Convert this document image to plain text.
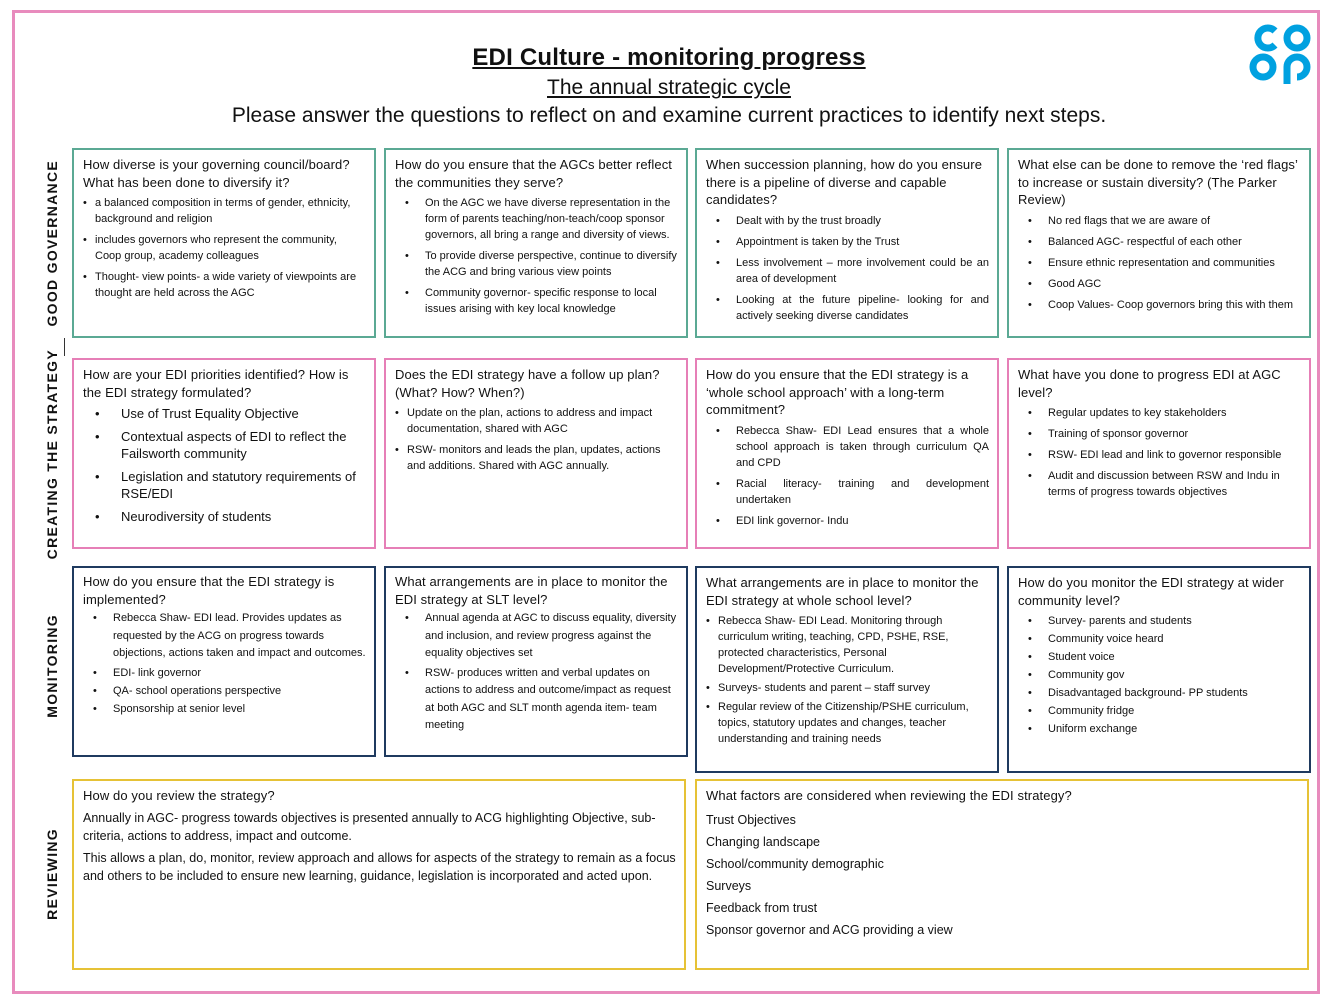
EDI Culture - monitoring progress
The annual strategic cycle
Please answer the questions to reflect on and examine current practices to identify next steps.
GOOD GOVERNANCE
CREATING THE STRATEGY
MONITORING
REVIEWING
How diverse is your governing council/board? What has been done to diversify it?
• a balanced composition in terms of gender, ethnicity, background and religion
• includes governors who represent the community, Coop group, academy colleagues
• Thought- view points- a wide variety of viewpoints are thought are held across the AGC
How do you ensure that the AGCs better reflect the communities they serve?
• On the AGC we have diverse representation in the form of parents teaching/non-teach/coop sponsor governors, all bring a range and diversity of views.
• To provide diverse perspective, continue to diversify the ACG and bring various view points
• Community governor- specific response to local issues arising with key local knowledge
When succession planning, how do you ensure there is a pipeline of diverse and capable candidates?
• Dealt with by the trust broadly
• Appointment is taken by the Trust
• Less involvement – more involvement could be an area of development
• Looking at the future pipeline- looking for and actively seeking diverse candidates
What else can be done to remove the ‘red flags’ to increase or sustain diversity? (The Parker Review)
• No red flags that we are aware of
• Balanced AGC- respectful of each other
• Ensure ethnic representation and communities
• Good AGC
• Coop Values- Coop governors bring this with them
How are your EDI priorities identified? How is the EDI strategy formulated?
• Use of Trust Equality Objective
• Contextual aspects of EDI to reflect the Failsworth community
• Legislation and statutory requirements of RSE/EDI
• Neurodiversity of students
Does the EDI strategy have a follow up plan? (What? How? When?)
• Update on the plan, actions to address and impact documentation, shared with AGC
• RSW- monitors and leads the plan, updates, actions and additions. Shared with AGC annually.
How do you ensure that the EDI strategy is a ‘whole school approach’ with a long-term commitment?
• Rebecca Shaw- EDI Lead ensures that a whole school approach is taken through curriculum QA and CPD
• Racial literacy- training and development undertaken
• EDI link governor- Indu
What have you done to progress EDI at AGC level?
• Regular updates to key stakeholders
• Training of sponsor governor
• RSW- EDI lead and link to governor responsible
• Audit and discussion between RSW and Indu in terms of progress towards objectives
How do you ensure that the EDI strategy is implemented?
• Rebecca Shaw- EDI lead. Provides updates as requested by the ACG on progress towards objections, actions taken and impact and outcomes.
• EDI- link governor
• QA- school operations perspective
• Sponsorship at senior level
What arrangements are in place to monitor the EDI strategy at SLT level?
• Annual agenda at AGC to discuss equality, diversity and inclusion, and review progress against the equality objectives set
• RSW- produces written and verbal updates on actions to address and outcome/impact as request at both AGC and SLT month agenda item- team meeting
What arrangements are in place to monitor the EDI strategy at whole school level?
• Rebecca Shaw- EDI Lead. Monitoring through curriculum writing, teaching, CPD, PSHE, RSE, protected characteristics, Personal Development/Protective Curriculum.
• Surveys- students and parent – staff survey
• Regular review of the Citizenship/PSHE curriculum, topics, statutory updates and changes, teacher understanding and training needs
How do you monitor the EDI strategy at wider community level?
• Survey- parents and students
• Community voice heard
• Student voice
• Community gov
• Disadvantaged background- PP students
• Community fridge
• Uniform exchange
How do you review the strategy?
Annually in AGC- progress towards objectives is presented annually to ACG highlighting Objective, sub-criteria, actions to address, impact and outcome.
This allows a plan, do, monitor, review approach and allows for aspects of the strategy to remain as a focus and others to be included to ensure new learning, guidance, legislation is incorporated and acted upon.
What factors are considered when reviewing the EDI strategy?
Trust Objectives
Changing landscape
School/community demographic
Surveys
Feedback from trust
Sponsor governor and ACG providing a view
